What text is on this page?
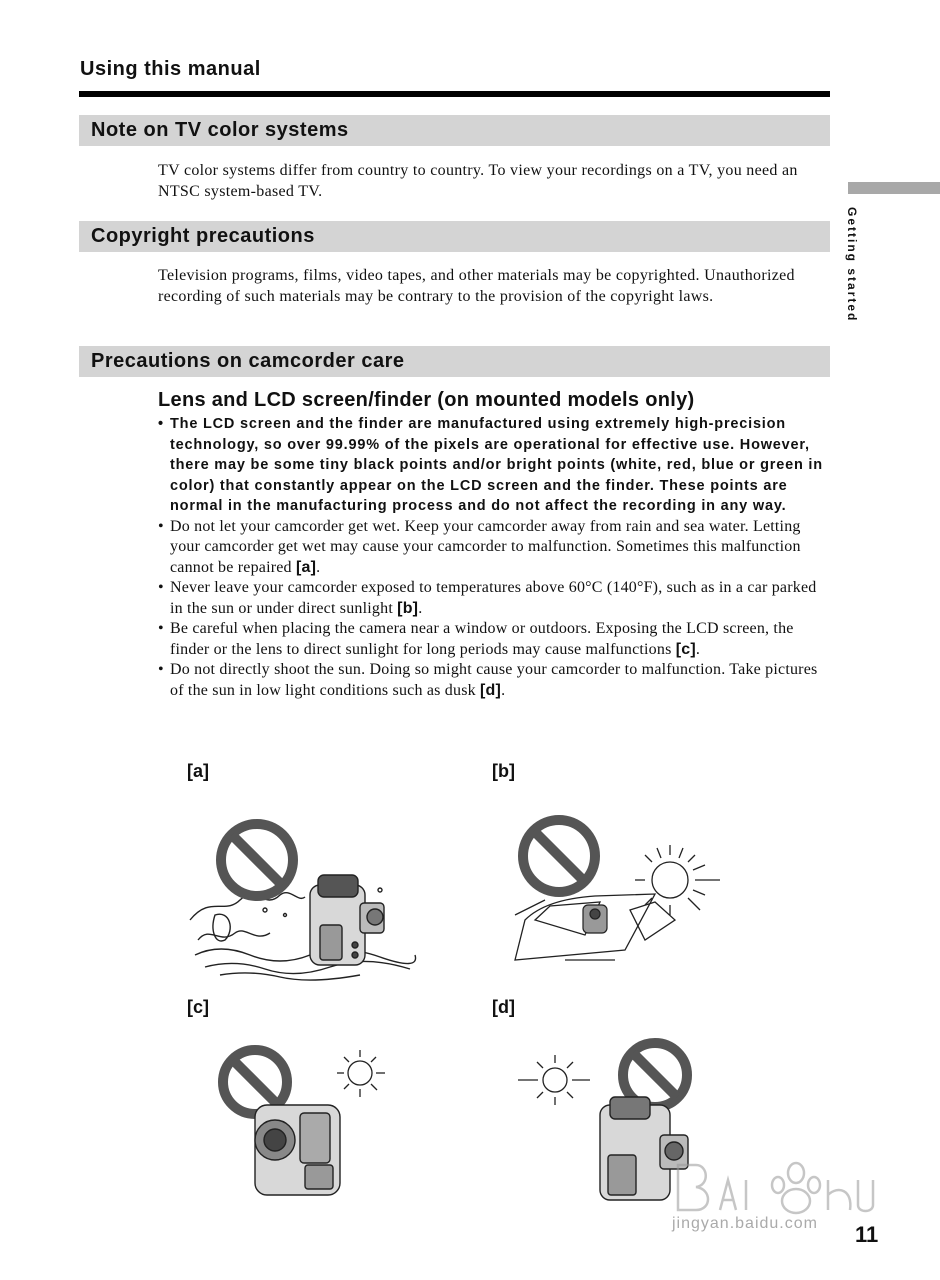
Using this manual
Getting started
Note on TV color systems
TV color systems differ from country to country. To view your recordings on a TV, you need an NTSC system-based TV.
Copyright precautions
Television programs, films, video tapes, and other materials may be copyrighted. Unauthorized recording of such materials may be contrary to the provision of the copyright laws.
Precautions on camcorder care
Lens and LCD screen/finder (on mounted models only)
• The LCD screen and the finder are manufactured using extremely high-precision technology, so over 99.99% of the pixels are operational for effective use. However, there may be some tiny black points and/or bright points (white, red, blue or green in color) that constantly appear on the LCD screen and the finder. These points are normal in the manufacturing process and do not affect the recording in any way.
• Do not let your camcorder get wet. Keep your camcorder away from rain and sea water. Letting your camcorder get wet may cause your camcorder to malfunction. Sometimes this malfunction cannot be repaired [a].
• Never leave your camcorder exposed to temperatures above 60°C (140°F), such as in a car parked in the sun or under direct sunlight [b].
• Be careful when placing the camera near a window or outdoors. Exposing the LCD screen, the finder or the lens to direct sunlight for long periods may cause malfunctions [c].
• Do not directly shoot the sun. Doing so might cause your camcorder to malfunction. Take pictures of the sun in low light conditions such as dusk [d].
[a]	[b]
[c]	[d]
jingyan.baidu.com 11
